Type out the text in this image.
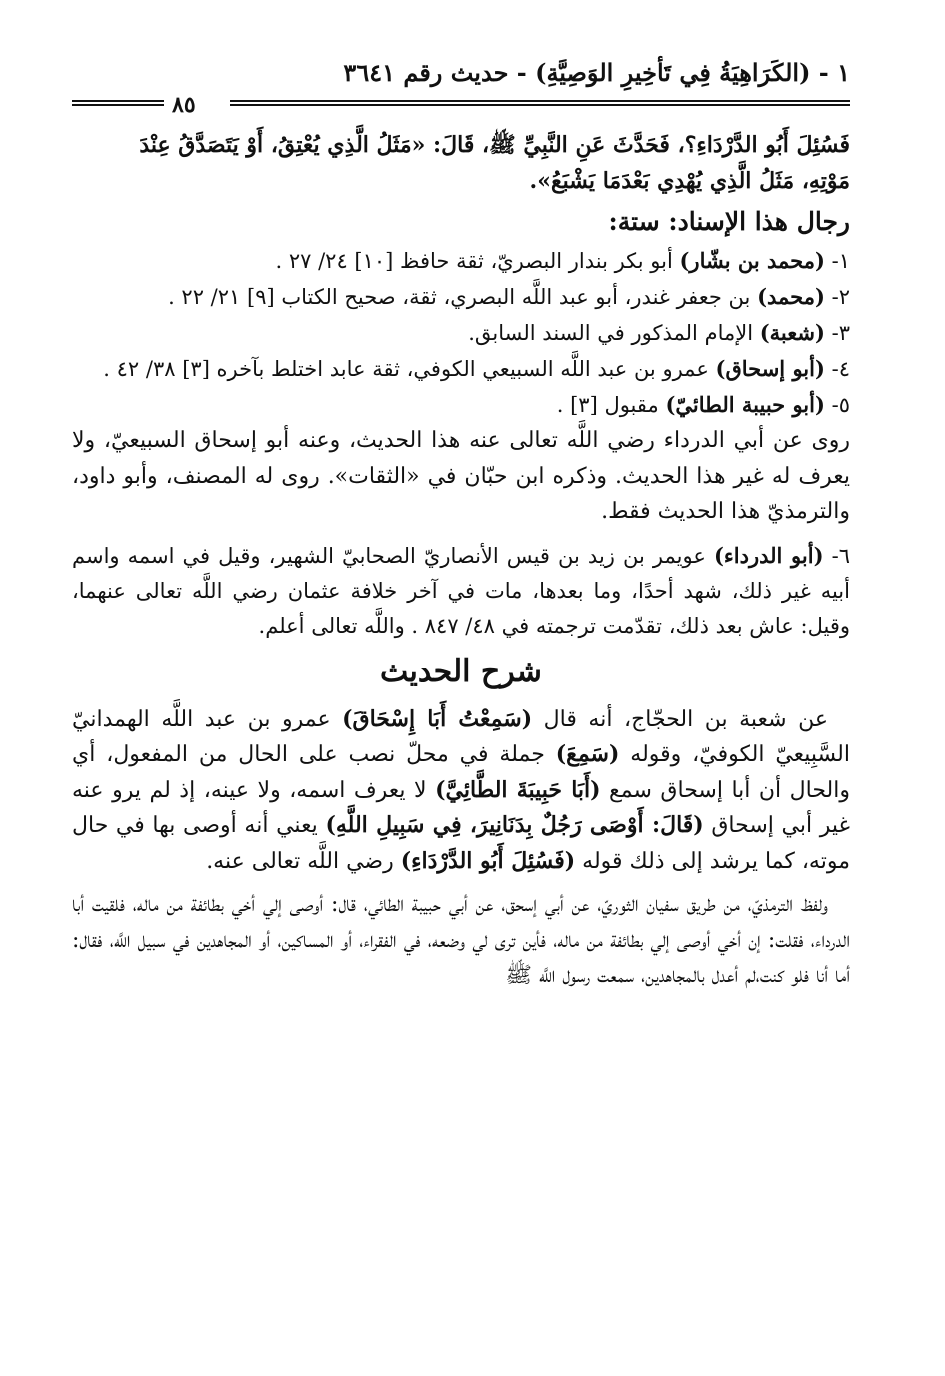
١ - (الكَرَاهِيَةُ فِي تَأخِيرِ الوَصِيَّةِ) - حديث رقم ٣٦٤١
٨٥

فَسُئِلَ أَبُو الدَّرْدَاءِ؟، فَحَدَّثَ عَنِ النَّبِيِّ ﷺ، قَالَ: «مَثَلُ الَّذِي يُعْتِقُ، أَوْ يَتَصَدَّقُ عِنْدَ

مَوْتِهِ، مَثَلُ الَّذِي يُهْدِي بَعْدَمَا يَشْبَعُ».

رجال هذا الإسناد: ستة:

١- (محمد بن بشّار) أبو بكر بندار البصريّ، ثقة حافظ [١٠] ٢٤/ ٢٧ .

٢- (محمد) بن جعفر غندر، أبو عبد اللَّه البصري، ثقة، صحيح الكتاب [٩] ٢١/ ٢٢ .

٣- (شعبة) الإمام المذكور في السند السابق.

٤- (أبو إسحاق) عمرو بن عبد اللَّه السبيعي الكوفي، ثقة عابد اختلط بآخره [٣] ٣٨/ ٤٢ .

٥- (أبو حبيبة الطائيّ) مقبول [٣] .

روى عن أبي الدرداء رضي اللَّه تعالى عنه هذا الحديث، وعنه أبو إسحاق السبيعيّ، ولا يعرف له غير هذا الحديث. وذكره ابن حبّان في «الثقات». روى له المصنف، وأبو داود، والترمذيّ هذا الحديث فقط.

٦- (أبو الدرداء) عويمر بن زيد بن قيس الأنصاريّ الصحابيّ الشهير، وقيل في اسمه واسم أبيه غير ذلك، شهد أحدًا، وما بعدها، مات في آخر خلافة عثمان رضي اللَّه تعالى عنهما، وقيل: عاش بعد ذلك، تقدّمت ترجمته في ٤٨/ ٨٤٧ . واللَّه تعالى أعلم.

شرح الحديث

عن شعبة بن الحجّاج، أنه قال (سَمِعْتُ أَبَا إِسْحَاقَ) عمرو بن عبد اللَّه الهمدانيّ السَّبِيعيّ الكوفيّ، وقوله (سَمِعَ) جملة في محلّ نصب على الحال من المفعول، أي والحال أن أبا إسحاق سمع (أَبَا حَبِيبَةَ الطَّائِيَّ) لا يعرف اسمه، ولا عينه، إذ لم يرو عنه غير أبي إسحاق (قَالَ: أَوْصَى رَجُلٌ بِدَنَانِيرَ، فِي سَبِيلِ اللَّهِ) يعني أنه أوصى بها في حال موته، كما يرشد إلى ذلك قوله (فَسُئِلَ أَبُو الدَّرْدَاءِ) رضي اللَّه تعالى عنه.

ولفظ الترمذيّ، من طريق سفيان الثوريّ، عن أبي إسحق، عن أبي حبيبة الطائي، قال: أوصى إلي أخي بطائفة من ماله، فلقيت أبا الدرداء، فقلت: إن أخي أوصى إلي بطائفة من ماله، فأين ترى لي وضعه، في الفقراء، أو المساكين، أو المجاهدين في سبيل اللَّه، فقال: أما أنا فلو كنت،لم أعدل بالمجاهدين، سمعت رسول اللَّه ﷺ
